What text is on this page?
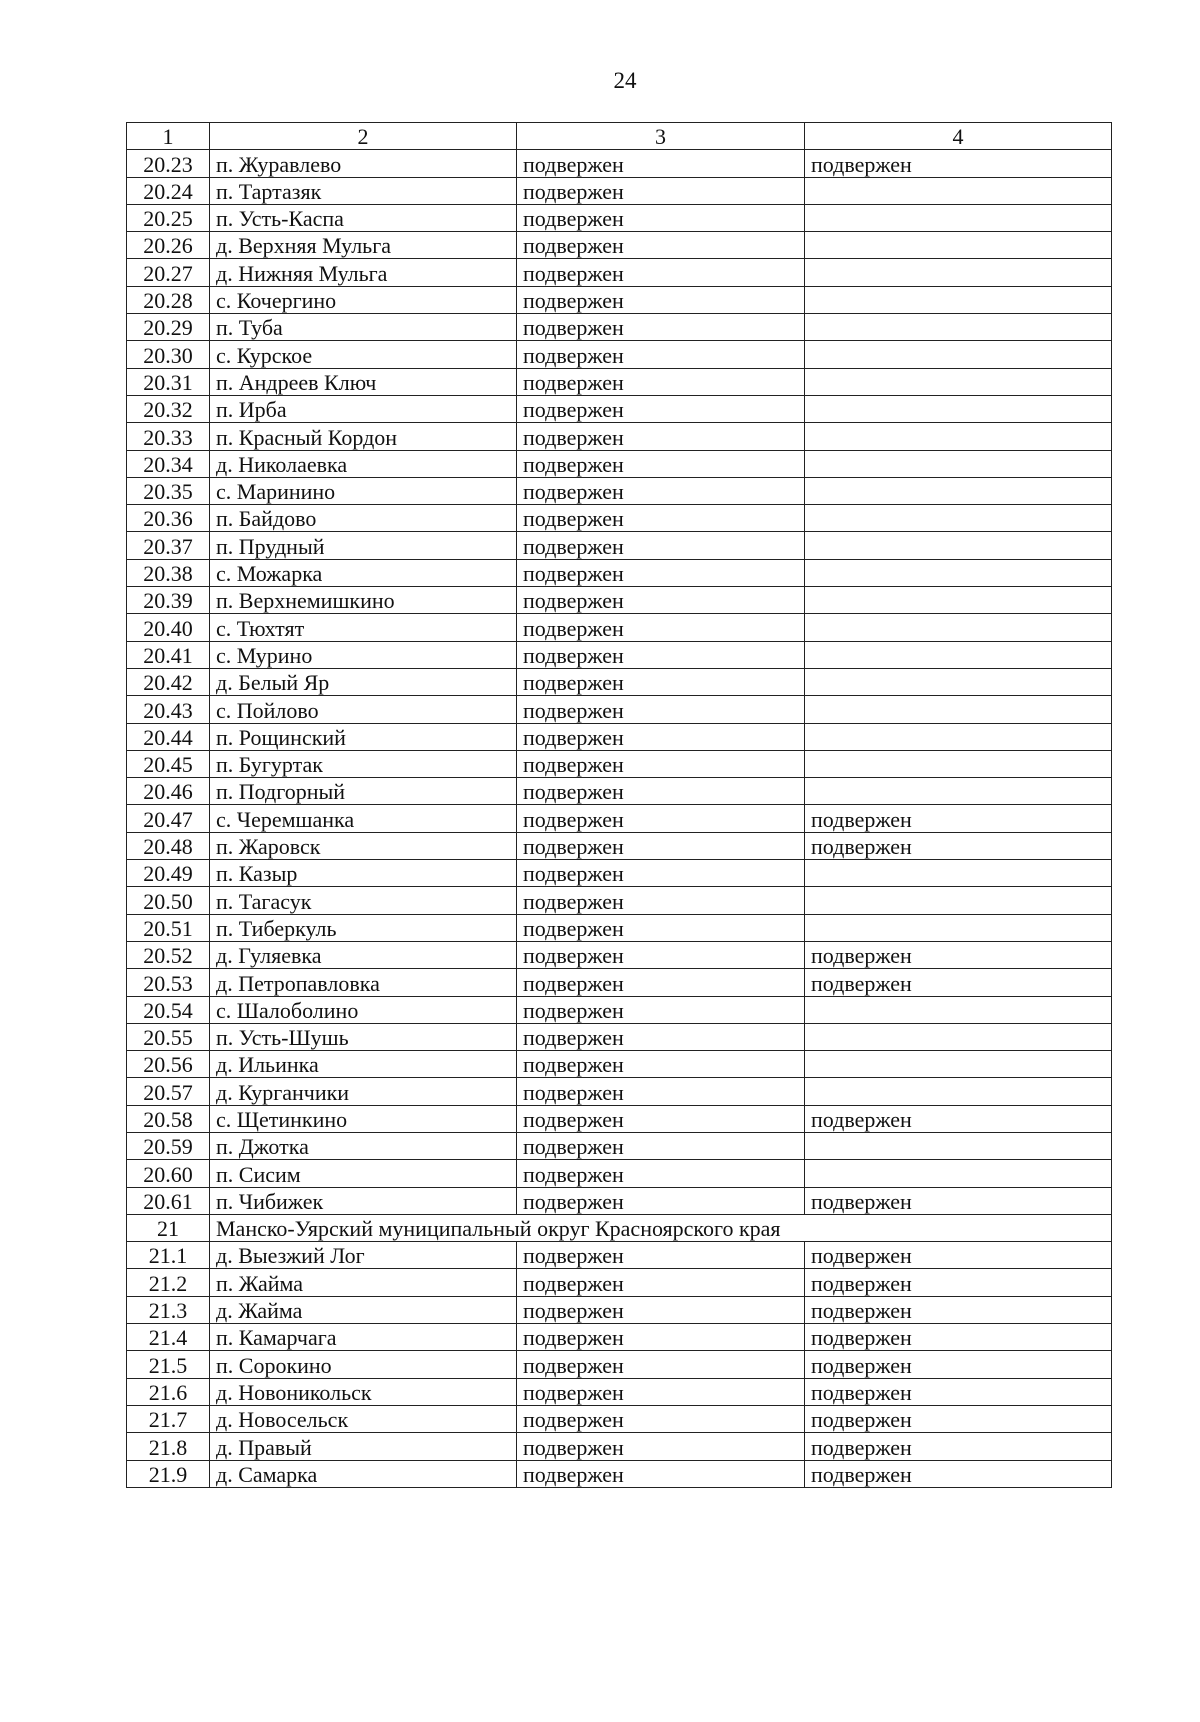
24
1	2	3	4
20.23	п. Журавлево	подвержен	подвержен
20.24	п. Тартазяк	подвержен	
20.25	п. Усть-Каспа	подвержен	
20.26	д. Верхняя Мульга	подвержен	
20.27	д. Нижняя Мульга	подвержен	
20.28	с. Кочергино	подвержен	
20.29	п. Туба	подвержен	
20.30	с. Курское	подвержен	
20.31	п. Андреев Ключ	подвержен	
20.32	п. Ирба	подвержен	
20.33	п. Красный Кордон	подвержен	
20.34	д. Николаевка	подвержен	
20.35	с. Маринино	подвержен	
20.36	п. Байдово	подвержен	
20.37	п. Прудный	подвержен	
20.38	с. Можарка	подвержен	
20.39	п. Верхнемишкино	подвержен	
20.40	с. Тюхтят	подвержен	
20.41	с. Мурино	подвержен	
20.42	д. Белый Яр	подвержен	
20.43	с. Пойлово	подвержен	
20.44	п. Рощинский	подвержен	
20.45	п. Бугуртак	подвержен	
20.46	п. Подгорный	подвержен	
20.47	с. Черемшанка	подвержен	подвержен
20.48	п. Жаровск	подвержен	подвержен
20.49	п. Казыр	подвержен	
20.50	п. Тагасук	подвержен	
20.51	п. Тиберкуль	подвержен	
20.52	д. Гуляевка	подвержен	подвержен
20.53	д. Петропавловка	подвержен	подвержен
20.54	с. Шалоболино	подвержен	
20.55	п. Усть-Шушь	подвержен	
20.56	д. Ильинка	подвержен	
20.57	д. Курганчики	подвержен	
20.58	с. Щетинкино	подвержен	подвержен
20.59	п. Джотка	подвержен	
20.60	п. Сисим	подвержен	
20.61	п. Чибижек	подвержен	подвержен
21	Манско-Уярский муниципальный округ Красноярского края		
21.1	д. Выезжий Лог	подвержен	подвержен
21.2	п. Жайма	подвержен	подвержен
21.3	д. Жайма	подвержен	подвержен
21.4	п. Камарчага	подвержен	подвержен
21.5	п. Сорокино	подвержен	подвержен
21.6	д. Новоникольск	подвержен	подвержен
21.7	д. Новосельск	подвержен	подвержен
21.8	д. Правый	подвержен	подвержен
21.9	д. Самарка	подвержен	подвержен
